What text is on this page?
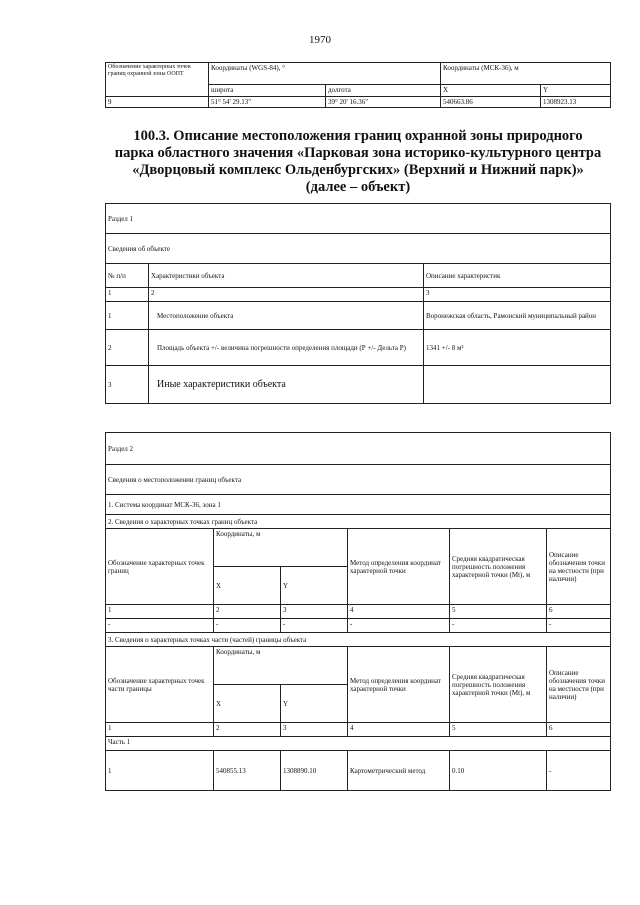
1970
Обозначение характерных точек границ охранной зоны ООПТ	Координаты (WGS-84), °		Координаты (МСК-36), м	
	широта	долгота	X	Y
9	51° 54' 29.13"	39° 20' 16.36"	540663.86	1308923.13
100.3. Описание местоположения границ охранной зоны природного
парка областного значения «Парковая зона историко-культурного центра
«Дворцовый комплекс Ольденбургских» (Верхний и Нижний парк)»
(далее – объект)
Раздел 1		
Сведения об объекте		
№ п/п	Характеристики объекта	Описание характеристик
1	2	3
1	Местоположение объекта	Воронежская область, Рамонский муниципальный район
2	Площадь объекта +/- величина погрешности определения площади (Р +/- Дельта Р)	1341 +/- 8 м²
3	Иные характеристики объекта	
Раздел 2					
Сведения о местоположении границ объекта					
1. Система координат МСК-36, зона 1					
2. Сведения о характерных точках границ объекта					
Обозначение характерных точек границ	Координаты, м		Метод определения координат характерной точки	Средняя квадратическая погрешность положения характерной точки (Mt), м	Описание обозначения точки на местности (при наличии)
	X	Y			
1	2	3	4	5	6
-	-	-	-	-	-
3. Сведения о характерных точках части (частей) границы объекта					
Обозначение характерных точек части границы	Координаты, м		Метод определения координат характерной точки	Средняя квадратическая погрешность положения характерной точки (Mt), м	Описание обозначения точки на местности (при наличии)
	X	Y			
1	2	3	4	5	6
Часть 1					
1	540855.13	1308890.10	Картометрический метод	0.10	-
